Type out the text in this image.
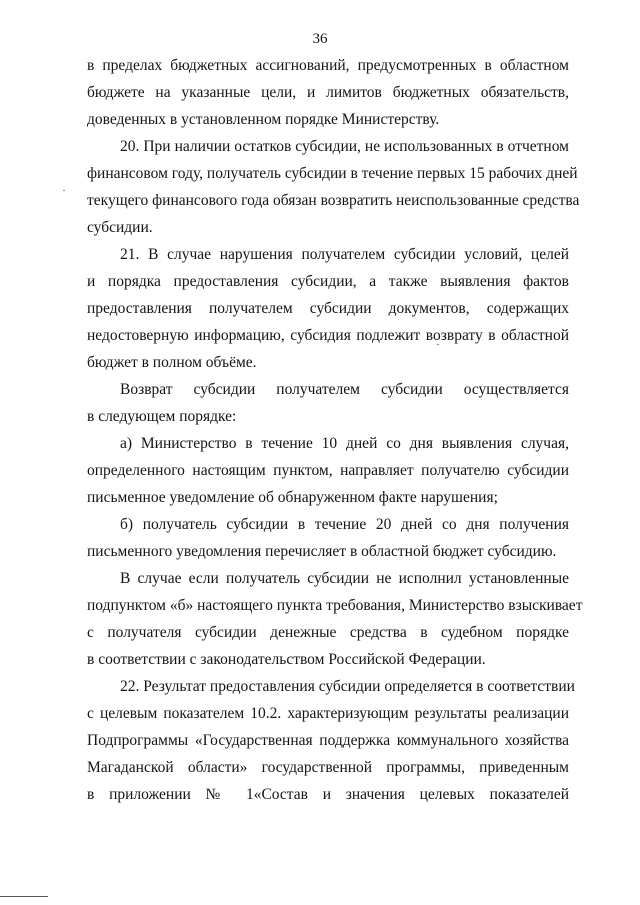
36
в пределах бюджетных ассигнований, предусмотренных в областном
бюджете на указанные цели, и лимитов бюджетных обязательств,
доведенных в установленном порядке Министерству.
20. При наличии остатков субсидии, не использованных в отчетном
финансовом году, получатель субсидии в течение первых 15 рабочих дней
текущего финансового года обязан возвратить неиспользованные средства
субсидии.
21. В случае нарушения получателем субсидии условий, целей
и порядка предоставления субсидии, а также выявления фактов
предоставления получателем субсидии документов, содержащих
недостоверную информацию, субсидия подлежит возврату в областной
бюджет в полном объёме.
Возврат субсидии получателем субсидии осуществляется
в следующем порядке:
а) Министерство в течение 10 дней со дня выявления случая,
определенного настоящим пунктом, направляет получателю субсидии
письменное уведомление об обнаруженном факте нарушения;
б) получатель субсидии в течение 20 дней со дня получения
письменного уведомления перечисляет в областной бюджет субсидию.
В случае если получатель субсидии не исполнил установленные
подпунктом «б» настоящего пункта требования, Министерство взыскивает
с получателя субсидии денежные средства в судебном порядке
в соответствии с законодательством Российской Федерации.
22. Результат предоставления субсидии определяется в соответствии
с целевым показателем 10.2. характеризующим результаты реализации
Подпрограммы «Государственная поддержка коммунального хозяйства
Магаданской области» государственной программы, приведенным
в приложении № 1«Состав и значения целевых показателей
